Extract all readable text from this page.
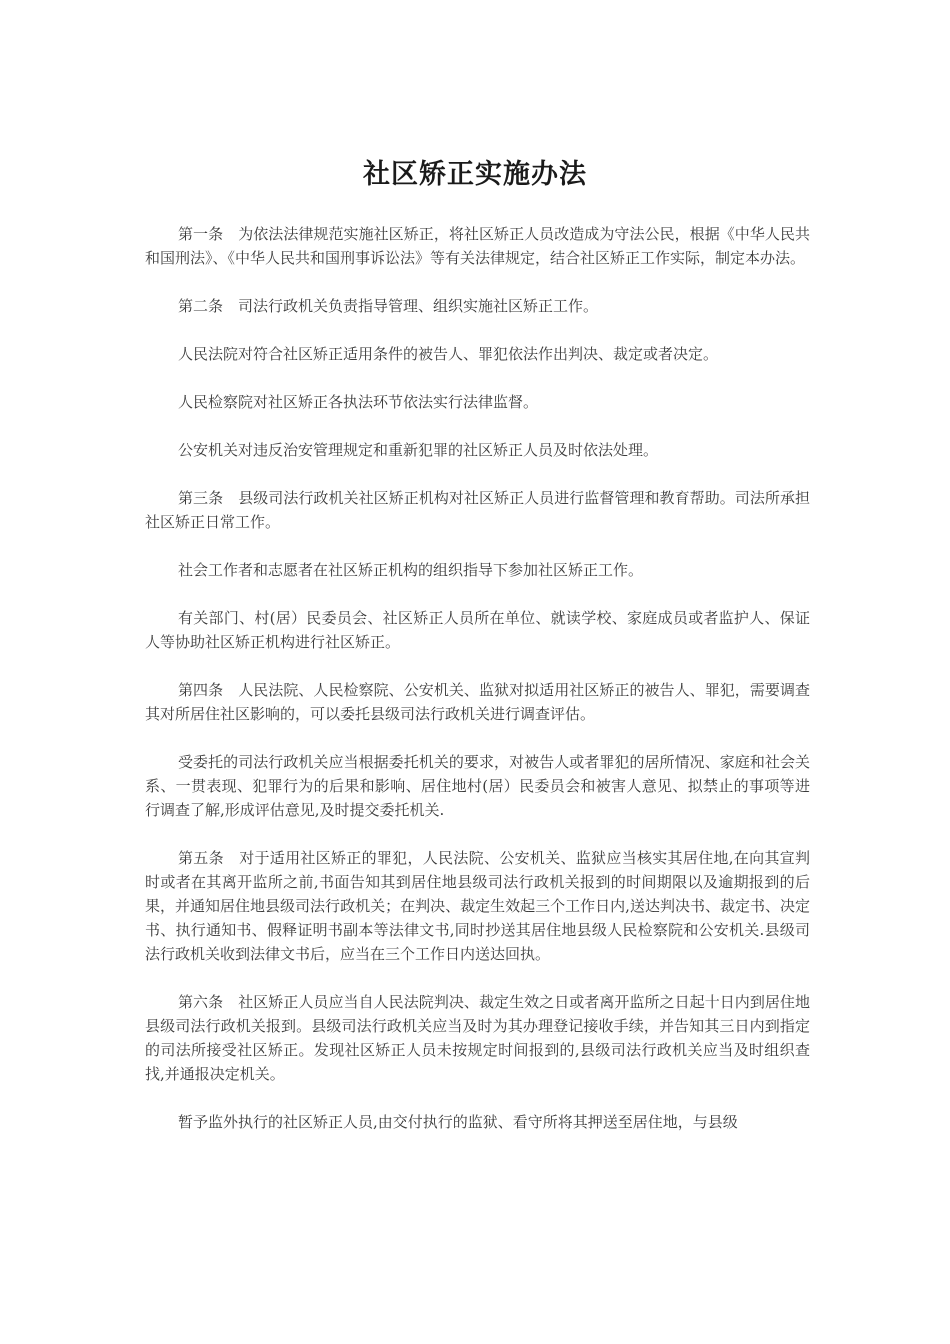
社区矫正实施办法

第一条　为依法法律规范实施社区矫正，将社区矫正人员改造成为守法公民，根据《中华人民共和国刑法》、《中华人民共和国刑事诉讼法》等有关法律规定，结合社区矫正工作实际，制定本办法。

第二条　司法行政机关负责指导管理、组织实施社区矫正工作。

人民法院对符合社区矫正适用条件的被告人、罪犯依法作出判决、裁定或者决定。

人民检察院对社区矫正各执法环节依法实行法律监督。

公安机关对违反治安管理规定和重新犯罪的社区矫正人员及时依法处理。

第三条　县级司法行政机关社区矫正机构对社区矫正人员进行监督管理和教育帮助。司法所承担社区矫正日常工作。

社会工作者和志愿者在社区矫正机构的组织指导下参加社区矫正工作。

有关部门、村(居）民委员会、社区矫正人员所在单位、就读学校、家庭成员或者监护人、保证人等协助社区矫正机构进行社区矫正。

第四条　人民法院、人民检察院、公安机关、监狱对拟适用社区矫正的被告人、罪犯，需要调查其对所居住社区影响的，可以委托县级司法行政机关进行调查评估。

受委托的司法行政机关应当根据委托机关的要求，对被告人或者罪犯的居所情况、家庭和社会关系、一贯表现、犯罪行为的后果和影响、居住地村(居）民委员会和被害人意见、拟禁止的事项等进行调查了解,形成评估意见,及时提交委托机关.

第五条　对于适用社区矫正的罪犯，人民法院、公安机关、监狱应当核实其居住地,在向其宣判时或者在其离开监所之前,书面告知其到居住地县级司法行政机关报到的时间期限以及逾期报到的后果，并通知居住地县级司法行政机关；在判决、裁定生效起三个工作日内,送达判决书、裁定书、决定书、执行通知书、假释证明书副本等法律文书,同时抄送其居住地县级人民检察院和公安机关.县级司法行政机关收到法律文书后，应当在三个工作日内送达回执。

第六条　社区矫正人员应当自人民法院判决、裁定生效之日或者离开监所之日起十日内到居住地县级司法行政机关报到。县级司法行政机关应当及时为其办理登记接收手续，并告知其三日内到指定的司法所接受社区矫正。发现社区矫正人员未按规定时间报到的,县级司法行政机关应当及时组织查找,并通报决定机关。

暂予监外执行的社区矫正人员,由交付执行的监狱、看守所将其押送至居住地，与县级
